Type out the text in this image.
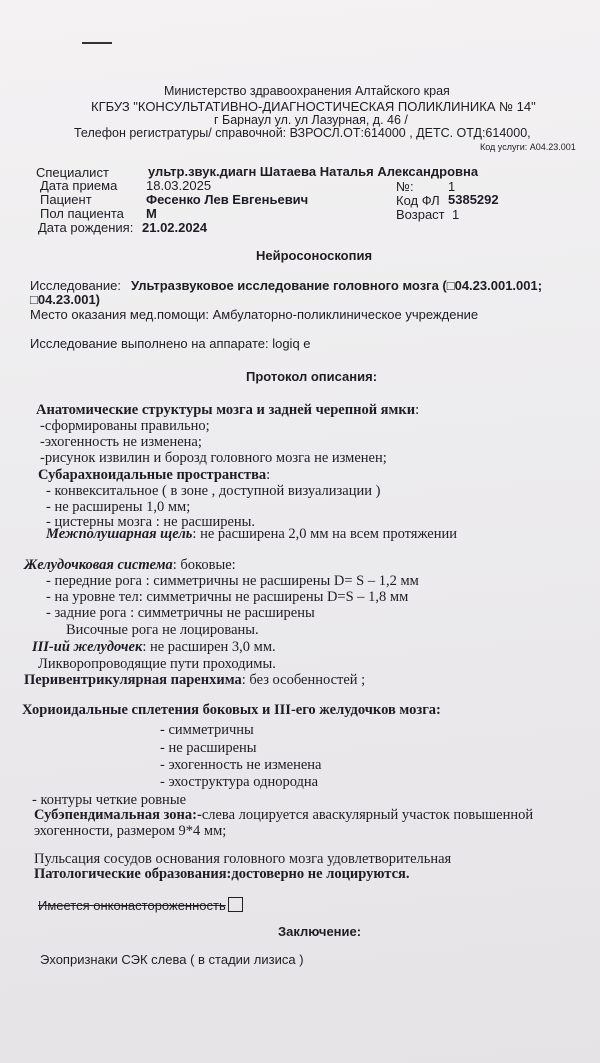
Министерство здравоохранения Алтайского края
КГБУЗ "КОНСУЛЬТАТИВНО-ДИАГНОСТИЧЕСКАЯ ПОЛИКЛИНИКА № 14"
г Барнаул ул. ул Лазурная, д. 46 /
Телефон регистратуры/ справочной: ВЗРОСЛ.ОТ:614000 , ДЕТС. ОТД:614000,
Код услуги: A04.23.001
Специалист	ультр.звук.диагн Шатаева Наталья Александровна
Дата приема 18.03.2025	№:	1
Пациент	Фесенко Лев Евгеньевич	Код ФЛ 5385292
Пол пациента М	Возраст 1
Дата рождения: 21.02.2024
Нейросоноскопия
Исследование: Ультразвуковое исследование головного мозга (□04.23.001.001;
□04.23.001)
Место оказания мед.помощи: Амбулаторно-поликлиническое учреждение
Исследование выполнено на аппарате: logiq e
Протокол описания:
Анатомические структуры мозга и задней черепной ямки:
-сформированы правильно;
-эхогенность не изменена;
-рисунок извилин и борозд головного мозга не изменен;
Субарахноидальные пространства:
- конвекситальное ( в зоне , доступной визуализации )
- не расширены 1,0 мм;
- цистерны мозга : не расширены.
Межполушарная щель: не расширена 2,0 мм на всем протяжении
Желудочковая система: боковые:
- передние рога : симметричны не расширены D= S – 1,2 мм
- на уровне тел: симметричны не расширены D=S – 1,8 мм
- задние рога : симметричны не расширены
Височные рога не лоцированы.
III-ий желудочек: не расширен 3,0 мм.
Ликворопроводящие пути проходимы.
Перивентрикулярная паренхима: без особенностей ;
Хориоидальные сплетения боковых и III-его желудочков мозга:
- симметричны
- не расширены
- эхогенность не изменена
- эхоструктура однородна
- контуры четкие ровные
Субэпендимальная зона:-слева лоцируется аваскулярный участок повышенной
эхогенности, размером 9*4 мм;
Пульсация сосудов основания головного мозга удовлетворительная
Патологические образования:достоверно не лоцируются.
Имеется онконастороженность
Заключение:
Эхопризнаки СЭК слева ( в стадии лизиса )
